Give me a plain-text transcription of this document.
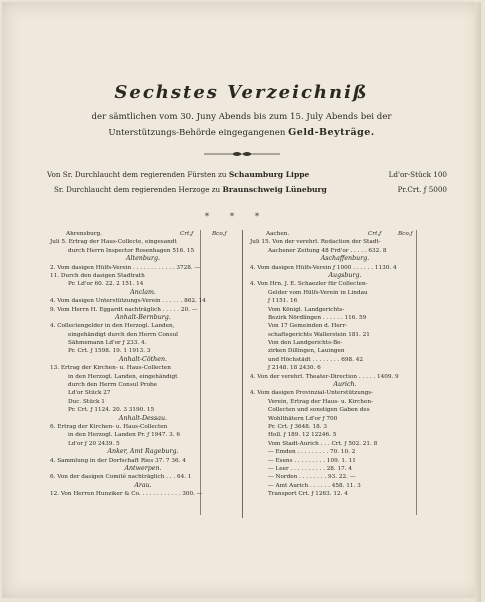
Sechstes Verzeichniß
der sämtlichen vom 30. Juny Abends bis zum 15. July Abends bei der
Unterstützungs-Behörde eingegangenen Geld-Beyträge.
Von Sr. Durchlaucht dem regierenden Fürsten zu Schaumburg Lippe	Ld'or-Stück 100
Sr. Durchlaucht dem regierenden Herzoge zu Braunschweig Lüneburg	Pr.Crt. ƒ 5000
*	*	*
Ahrensburg.	Crt.ƒ	Bco.ƒ
Juli 5. Ertrag der Haus-Collecte, eingesandt
durch Herrn Inspector Rosenhagen 516. 15
Altenburg.
2. Vom dasigen Hülfs-Verein . . . . . . . . . . . . 3728. —
11. Durch den dasigen Stadtrath
Pr. Ld'or 60. 22. 2 151. 14
Anclam.
4. Vom dasigen Unterstützungs-Verein . . . . . . 862. 14
9. Vom Herrn H. Eggardt nachträglich . . . . . 20. —
Anhalt-Bernburg.
4. Collectengelder in den Herzogl. Landen,
eingehändigt durch den Herrn Consul
Sähmemann Ld'or ƒ 233. 4.
Pr. Crt. ƒ 1598. 19. 1 1913. 3
Anhalt-Cöthen.
13. Ertrag der Kirchen- u. Haus-Collecten
in den Herzogl. Landen, eingehändigt
durch den Herrn Consul Probe
Ld'or Stück 27
Duc. Stück 1
Pr. Crt. ƒ 1124. 20. 3 3190. 15
Anhalt-Dessau.
6. Ertrag der Kirchen- u. Haus-Collecten
in den Herzogl. Landen Pr. ƒ 1947. 3. 6
Ld'or ƒ 20 2439. 5
Anker, Amt Rageburg.
4. Sammlung in der Dorfschaft Ries 37. 7 36. 4
Antwerpen.
6. Von der dasigen Comité nachträglich . . . 64. 1
Arau.
12. Von Herren Hunziker & Co. . . . . . . . . . . . 300. —
Aachen.	Crt.ƒ	Bco.ƒ
Juli 15. Von der verehrl. Redaction der Stadt-
Aachener Zeitung 48 Frd'or . . . . . 632. 8
Aschaffenburg.
4. Vom dasigen Hülfs-Verein ƒ 1000 . . . . . . 1130. 4
Augsburg.
4. Von Hrn. J. E. Schaezler für Collecten-
Gelder vom Hülfs-Verein in Lindau
ƒ 1151. 16
Vom Königl. Landgerichts-
Bezirk Nördlingen . . . . . . 116. 59
Von 17 Gemeinden d. Herr-
schaftsgerichts Wallerstein 181. 21
Von den Landgerichts-Be-
zirken Dillingen, Lauingen
und Höchstädt . . . . . . . . 698. 42
ƒ 2148. 18 2430. 6
4. Von der verehrl. Theater-Direction . . . . . 1409. 9
Aurich.
4. Vom dasigen Provinzial-Unterstützungs-
Verein, Ertrag der Haus- u. Kirchen-
Collecten und sonstigen Gaben des
Wohlthätern Ld'or ƒ 700
Pr. Crt. ƒ 3648. 18. 3
Holl. ƒ 189. 12 12246. 5
Vom Stadt-Aurich . . . Crt. ƒ 502. 21. 8
— Emden . . . . . . . . . 70. 10. 2
— Esens . . . . . . . . . 109. 1. 11
— Leer . . . . . . . . . . 28. 17. 4
— Norden . . . . . . . . 93. 22. —
— Amt Aurich . . . . . . 458. 11. 3
Transport Crt. ƒ 1263. 12. 4
